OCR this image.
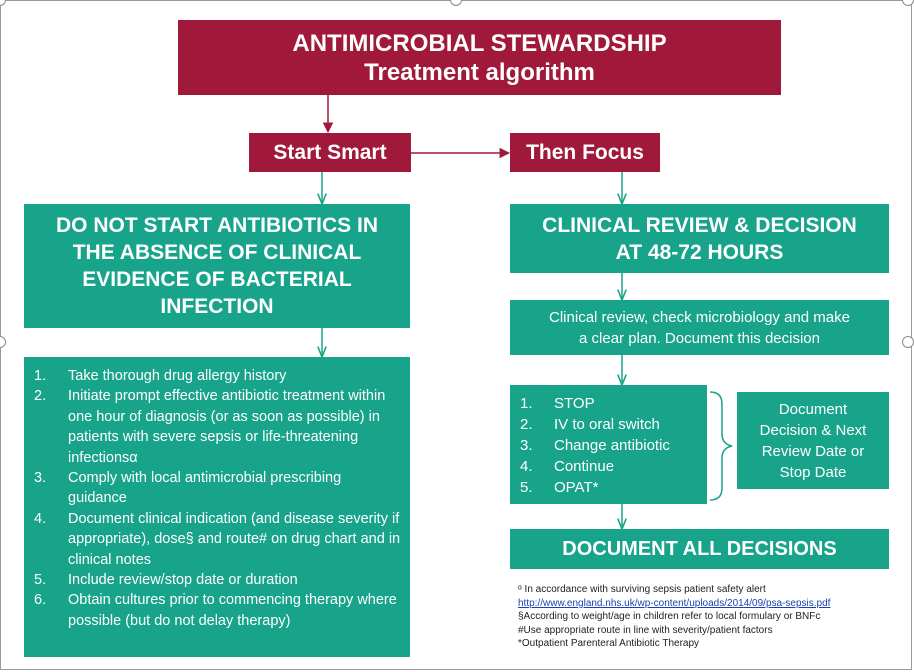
ANTIMICROBIAL STEWARDSHIP
Treatment algorithm
Start Smart	Then Focus
DO NOT START ANTIBIOTICS IN THE ABSENCE OF CLINICAL EVIDENCE OF BACTERIAL INFECTION
CLINICAL REVIEW & DECISION
AT 48-72 HOURS
Clinical review, check microbiology and make
a clear plan. Document this decision
1.	Take thorough drug allergy history
2.	Initiate prompt effective antibiotic treatment within one hour of diagnosis (or as soon as possible) in patients with severe sepsis or life-threatening infectionsα
3.	Comply with local antimicrobial prescribing guidance
4.	Document clinical indication (and disease severity if appropriate), dose§ and route# on drug chart and in clinical notes
5.	Include review/stop date or duration
6.	Obtain cultures prior to commencing therapy where possible (but do not delay therapy)
1.	STOP
2.	IV to oral switch
3.	Change antibiotic
4.	Continue
5.	OPAT*
Document
Decision & Next
Review Date or
Stop Date
DOCUMENT ALL DECISIONS
ᵅ In accordance with surviving sepsis patient safety alert
http://www.england.nhs.uk/wp-content/uploads/2014/09/psa-sepsis.pdf
§According to weight/age in children refer to local formulary or BNFc
#Use appropriate route in line with severity/patient factors
*Outpatient Parenteral Antibiotic Therapy
